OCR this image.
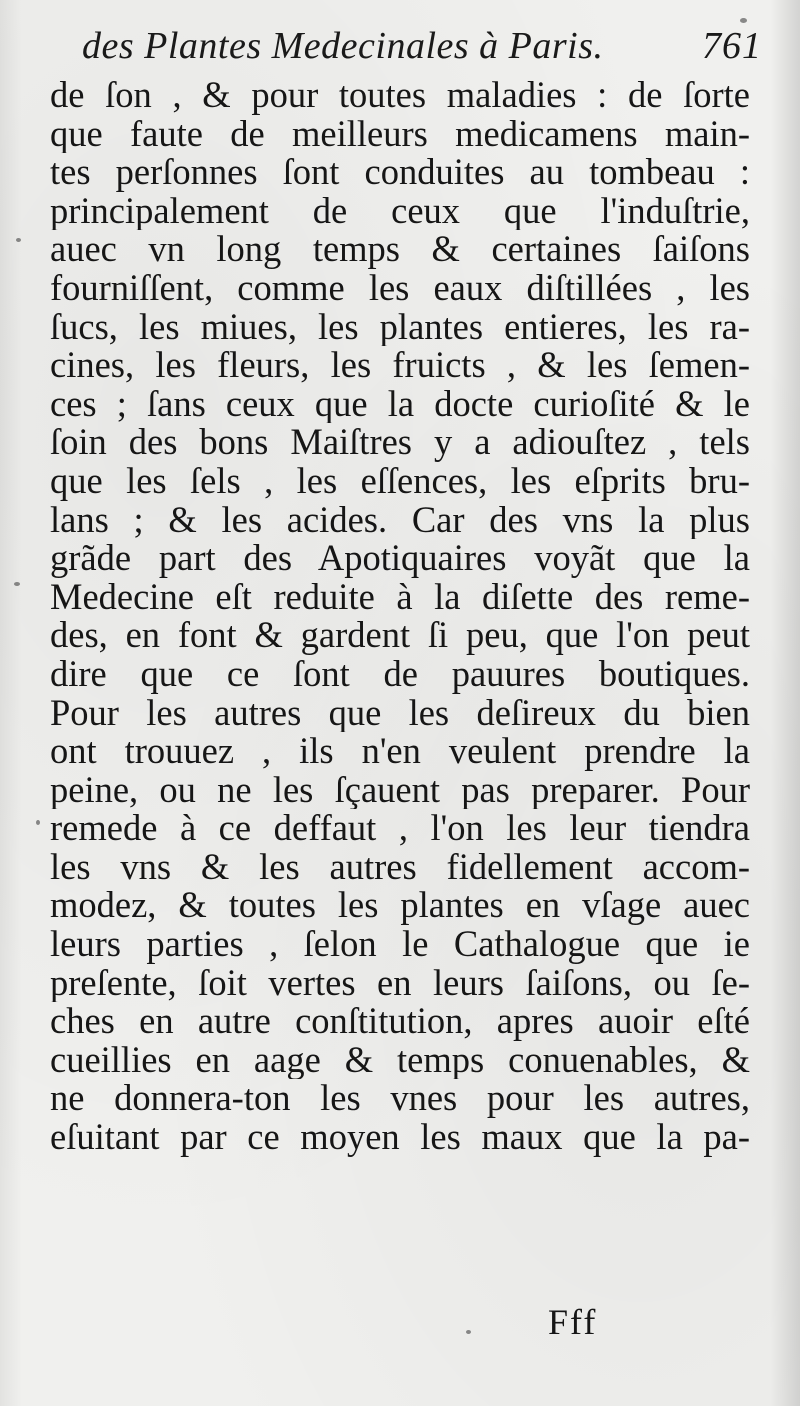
des Plantes Medecinales à Paris.	761
de ſon , & pour toutes maladies : de ſorte
que faute de meilleurs medicamens main-
tes perſonnes ſont conduites au tombeau :
principalement de ceux que l'induſtrie,
auec vn long temps & certaines ſaiſons
fourniſſent, comme les eaux diſtillées , les
ſucs, les miues, les plantes entieres, les ra-
cines, les fleurs, les fruicts , & les ſemen-
ces ; ſans ceux que la docte curioſité & le
ſoin des bons Maiſtres y a adiouſtez , tels
que les ſels , les eſſences, les eſprits bru-
lans ; & les acides. Car des vns la plus
grãde part des Apotiquaires voyãt que la
Medecine eſt reduite à la diſette des reme-
des, en font & gardent ſi peu, que l'on peut
dire que ce ſont de pauures boutiques.
Pour les autres que les deſireux du bien
ont trouuez , ils n'en veulent prendre la
peine, ou ne les ſçauent pas preparer. Pour
remede à ce deffaut , l'on les leur tiendra
les vns & les autres fidellement accom-
modez, & toutes les plantes en vſage auec
leurs parties , ſelon le Cathalogue que ie
preſente, ſoit vertes en leurs ſaiſons, ou ſe-
ches en autre conſtitution, apres auoir eſté
cueillies en aage & temps conuenables, &
ne donnera-ton les vnes pour les autres,
eſuitant par ce moyen les maux que la pa-
Fff
